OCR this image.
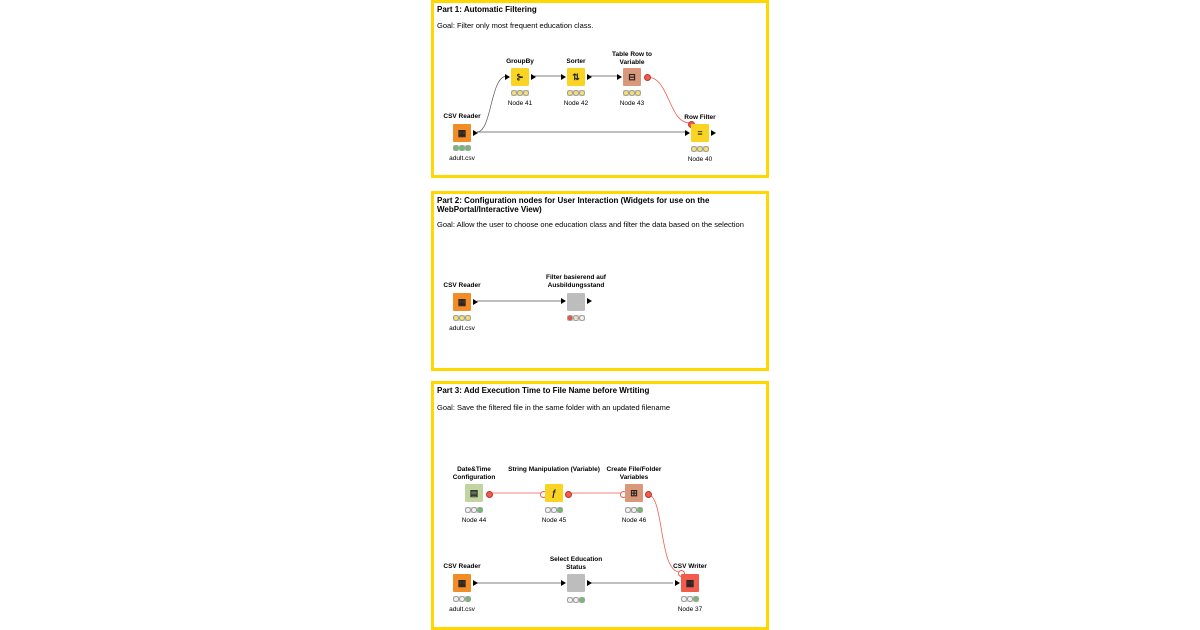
Part 1: Automatic Filtering
Goal: Filter only most frequent education class.
Part 2: Configuration nodes for User Interaction (Widgets for use on the WebPortal/Interactive View)
Goal: Allow the user to choose one education class and filter the data based on the selection
Part 3: Add Execution Time to File Name before Wrtiting
Goal: Save the filtered file in the same folder with an updated filename
CSV Reader
▦
adult.csv
GroupBy
⊱
Node 41
Sorter
⇅
Node 42
Table Row to Variable
⊟
Node 43
Row Filter
≡
Node 40
CSV Reader
▦
adult.csv
Filter basierend auf Ausbildungsstand
⚠
Date&Time Configuration
▤
Node 44
String Manipulation (Variable)
ƒ
Node 45
Create File/Folder Variables
⊞
Node 46
CSV Reader
▦
adult.csv
Select Education Status	CSV Writer
▦
Node 37
